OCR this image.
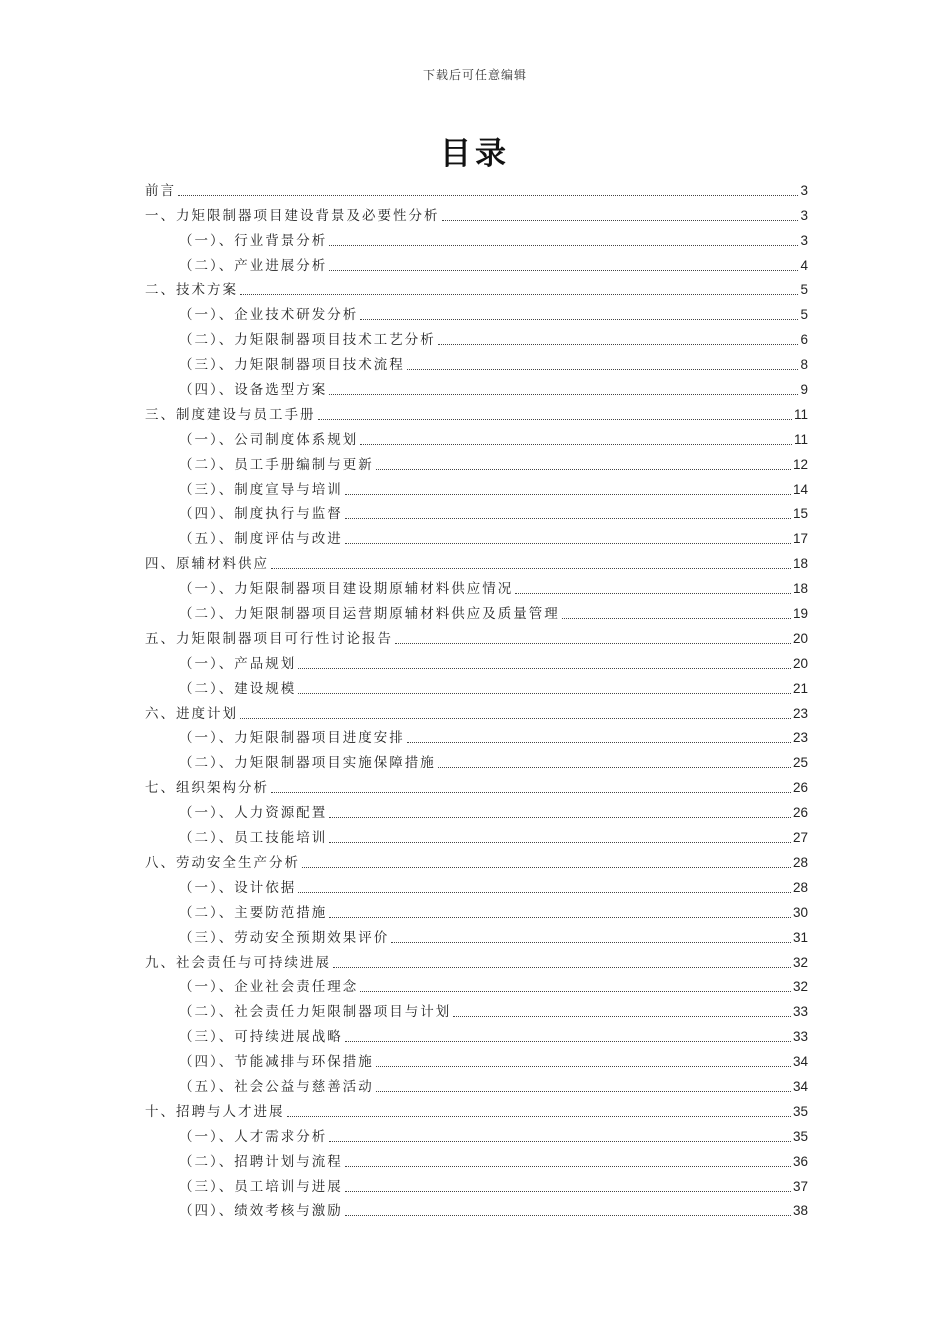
下载后可任意编辑
目录
前言	3
一、力矩限制器项目建设背景及必要性分析	3
（一）、行业背景分析	3
（二）、产业进展分析	4
二、技术方案	5
（一）、企业技术研发分析	5
（二）、力矩限制器项目技术工艺分析	6
（三）、力矩限制器项目技术流程	8
（四）、设备选型方案	9
三、制度建设与员工手册	11
（一）、公司制度体系规划	11
（二）、员工手册编制与更新	12
（三）、制度宣导与培训	14
（四）、制度执行与监督	15
（五）、制度评估与改进	17
四、原辅材料供应	18
（一）、力矩限制器项目建设期原辅材料供应情况	18
（二）、力矩限制器项目运营期原辅材料供应及质量管理	19
五、力矩限制器项目可行性讨论报告	20
（一）、产品规划	20
（二）、建设规模	21
六、进度计划	23
（一）、力矩限制器项目进度安排	23
（二）、力矩限制器项目实施保障措施	25
七、组织架构分析	26
（一）、人力资源配置	26
（二）、员工技能培训	27
八、劳动安全生产分析	28
（一）、设计依据	28
（二）、主要防范措施	30
（三）、劳动安全预期效果评价	31
九、社会责任与可持续进展	32
（一）、企业社会责任理念	32
（二）、社会责任力矩限制器项目与计划	33
（三）、可持续进展战略	33
（四）、节能减排与环保措施	34
（五）、社会公益与慈善活动	34
十、招聘与人才进展	35
（一）、人才需求分析	35
（二）、招聘计划与流程	36
（三）、员工培训与进展	37
（四）、绩效考核与激励	38
